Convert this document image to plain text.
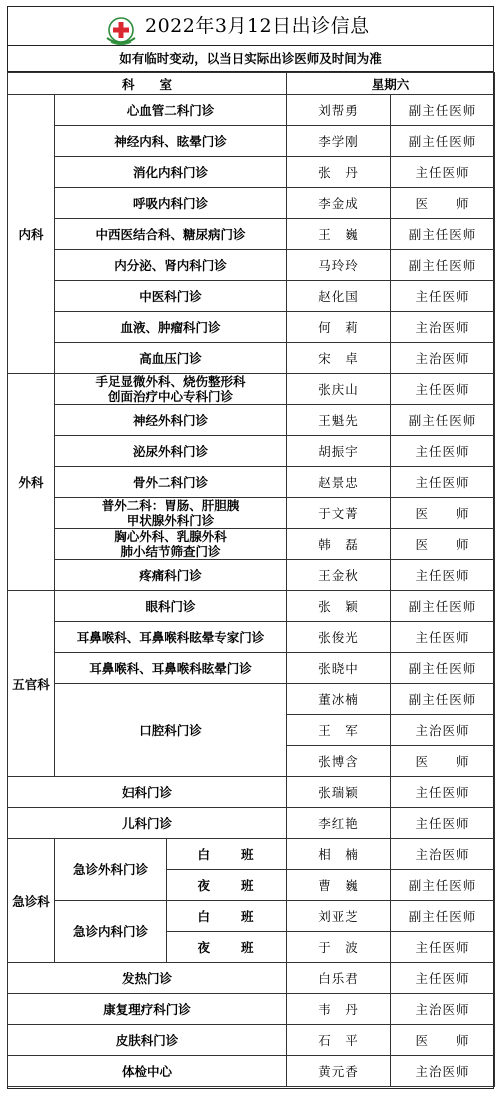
2022年3月12日出诊信息
如有临时变动，以当日实际出诊医师及时间为准
科　　室			星期六	
内科	心血管二科门诊		刘帮勇	副主任医师
	神经内科、眩晕门诊		李学刚	副主任医师
	消化内科门诊		张　丹	主任医师
	呼吸内科门诊		李金成	医　　师
	中西医结合科、糖尿病门诊		王　巍	副主任医师
	内分泌、肾内科门诊		马玲玲	副主任医师
	中医科门诊		赵化国	主任医师
	血液、肿瘤科门诊		何　莉	主治医师
	高血压门诊		宋　卓	主治医师
外科	手足显微外科、烧伤整形科
创面治疗中心专科门诊		张庆山	主任医师
	神经外科门诊		王魁先	副主任医师
	泌尿外科门诊		胡振宇	主任医师
	骨外二科门诊		赵景忠	主任医师

	普外二科：胃肠、肝胆胰
甲状腺外科门诊		于文菁	医　　师

	胸心外科、乳腺外科
肺小结节筛查门诊		韩　磊	医　　师
	疼痛科门诊		王金秋	主任医师
五官科	眼科门诊		张　颖	副主任医师
	耳鼻喉科、耳鼻喉科眩晕专家门诊		张俊光	主任医师
	耳鼻喉科、耳鼻喉科眩晕门诊		张晓中	副主任医师
	口腔科门诊		董冰楠	副主任医师
			王　军	主治医师
			张博含	医　　师
妇科门诊			张瑞颖	主任医师
儿科门诊			李红艳	主任医师
急诊科	急诊外科门诊	白　　班	相　楠	主治医师
		夜　　班	曹　巍	副主任医师
	急诊内科门诊	白　　班	刘亚芝	副主任医师
		夜　　班	于　波	主任医师
发热门诊			白乐君	主任医师
康复理疗科门诊			韦　丹	主治医师
皮肤科门诊			石　平	医　　师
体检中心			黄元香	主治医师
